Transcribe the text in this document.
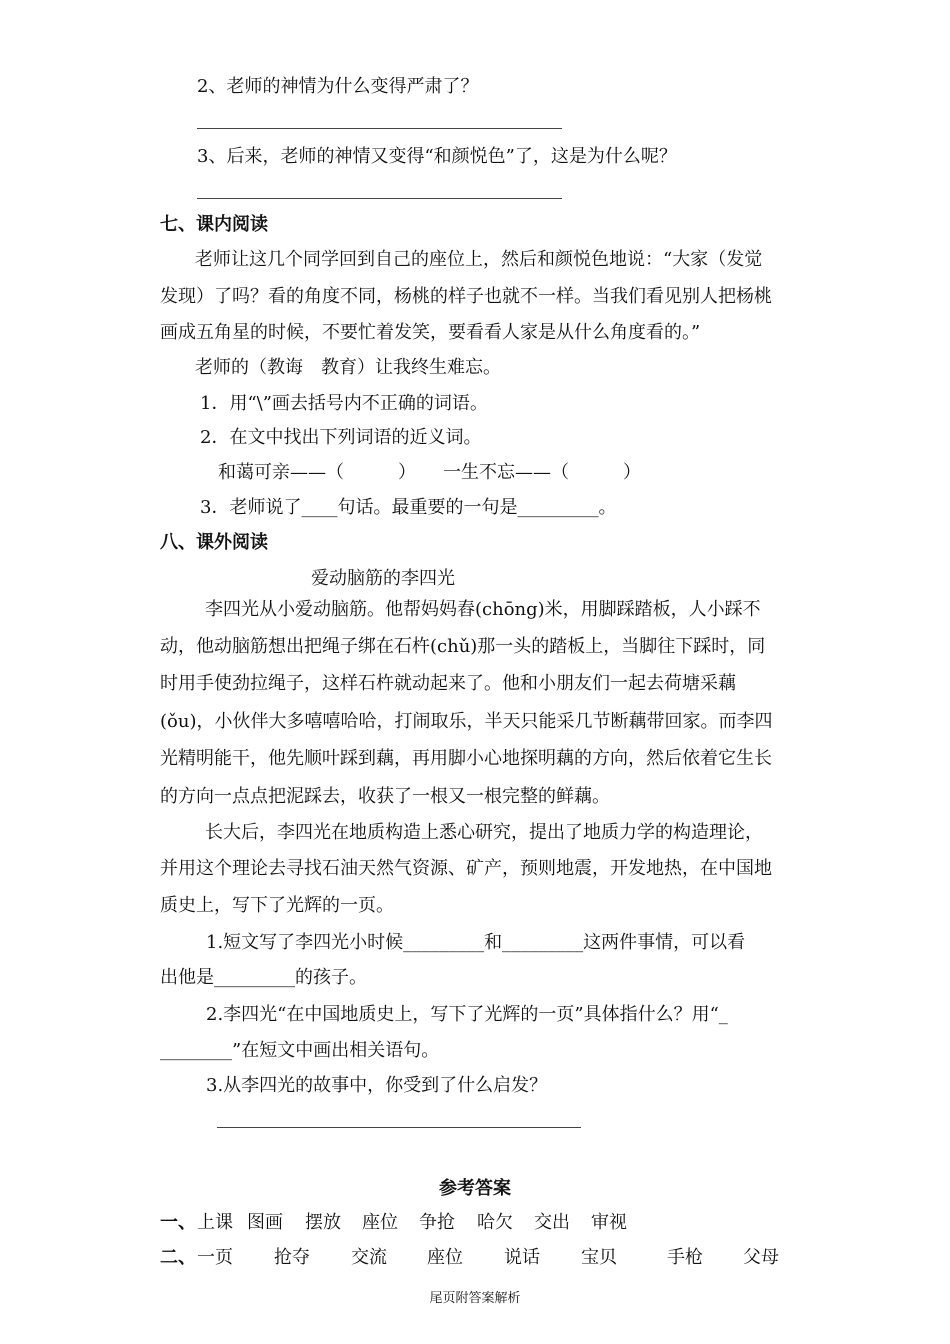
2、老师的神情为什么变得严肃了？
3、后来，老师的神情又变得“和颜悦色”了，这是为什么呢？
七、课内阅读
老师让这几个同学回到自己的座位上，然后和颜悦色地说：“大家（发觉
发现）了吗？看的角度不同，杨桃的样子也就不一样。当我们看见别人把杨桃
画成五角星的时候，不要忙着发笑，要看看人家是从什么角度看的。”
老师的（教诲　教育）让我终生难忘。
1．用“\”画去括号内不正确的词语。
2．在文中找出下列词语的近义词。
和蔼可亲——（　　　）　　一生不忘——（　　　）
3．老师说了____句话。最重要的一句是_________。
八、课外阅读
爱动脑筋的李四光
李四光从小爱动脑筋。他帮妈妈舂(chōng)米，用脚踩踏板，人小踩不
动，他动脑筋想出把绳子绑在石杵(chǔ)那一头的踏板上，当脚往下踩时，同
时用手使劲拉绳子，这样石杵就动起来了。他和小朋友们一起去荷塘采藕
(ǒu)，小伙伴大多嘻嘻哈哈，打闹取乐，半天只能采几节断藕带回家。而李四
光精明能干，他先顺叶踩到藕，再用脚小心地探明藕的方向，然后依着它生长
的方向一点点把泥踩去，收获了一根又一根完整的鲜藕。
长大后，李四光在地质构造上悉心研究，提出了地质力学的构造理论，
并用这个理论去寻找石油天然气资源、矿产，预则地震，开发地热，在中国地
质史上，写下了光辉的一页。
1.短文写了李四光小时候_________和_________这两件事情，可以看
出他是_________的孩子。
2.李四光“在中国地质史上，写下了光辉的一页”具体指什么？用“_
________”在短文中画出相关语句。
3.从李四光的故事中，你受到了什么启发？
参考答案
一、 上课 图画 摆放 座位 争抢 哈欠 交出 审视
二、 一页 抢夺 交流 座位 说话 宝贝	手枪 父母
尾页附答案解析
